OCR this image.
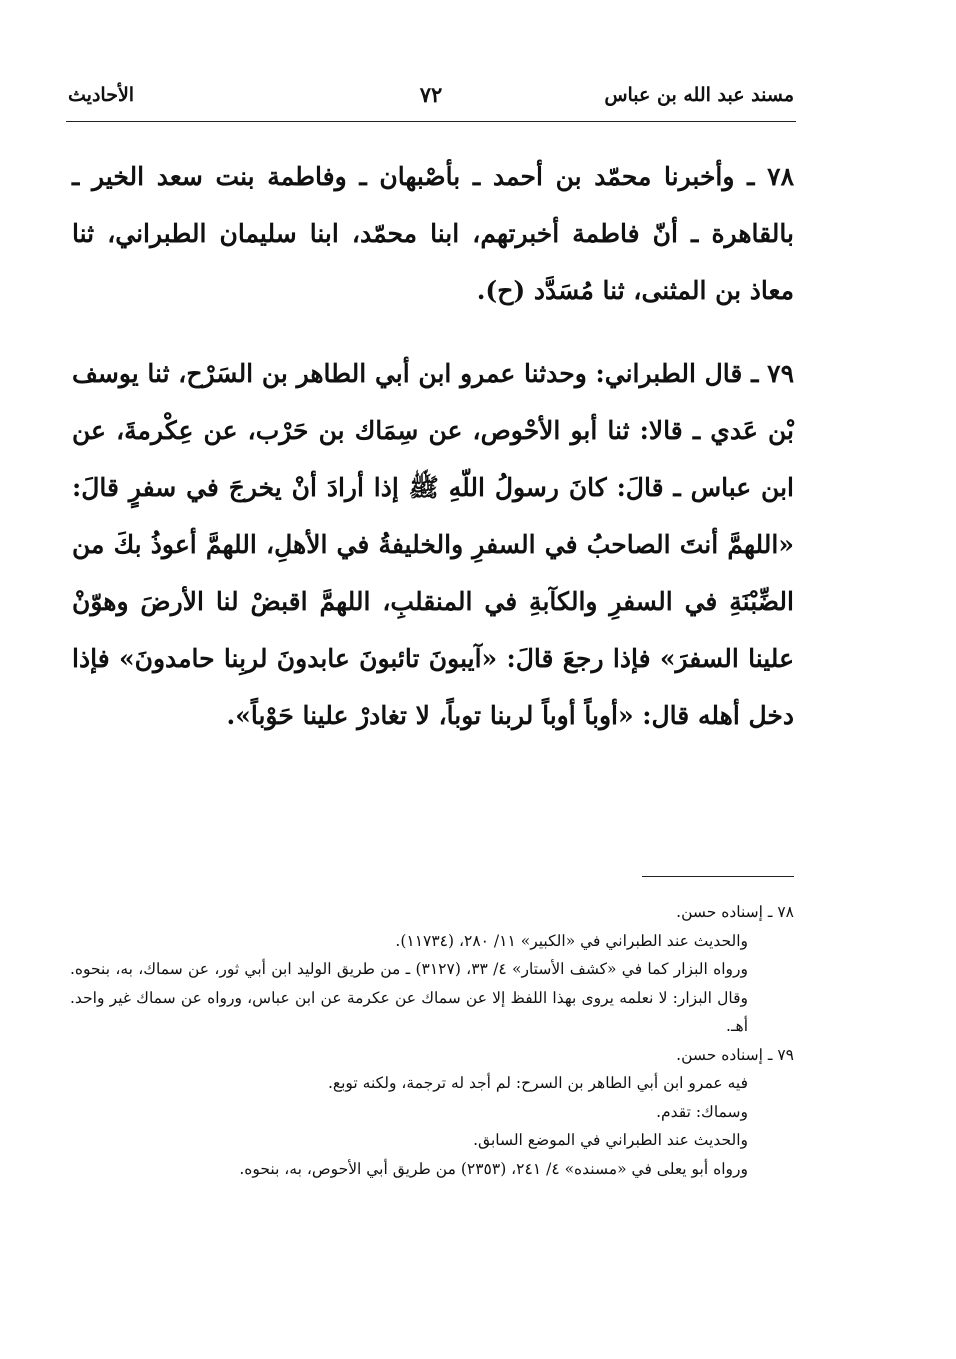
مسند عبد الله بن عباس
٧٢
الأحاديث

٧٨ ـ وأخبرنا محمّد بن أحمد ـ بأصْبهان ـ وفاطمة بنت سعد الخير ـ بالقاهرة ـ أنّ فاطمة أخبرتهم، ابنا محمّد، ابنا سليمان الطبراني، ثنا معاذ بن المثنى، ثنا مُسَدَّد (ح).

٧٩ ـ قال الطبراني: وحدثنا عمرو ابن أبي الطاهر بن السَرْح، ثنا يوسف بْن عَدي ـ قالا: ثنا أبو الأحْوص، عن سِمَاك بن حَرْب، عن عِكْرمةَ، عن ابن عباس ـ قالَ: كانَ رسولُ اللّهِ ﷺ إذا أرادَ أنْ يخرجَ في سفرٍ قالَ: «اللهمَّ أنتَ الصاحبُ في السفرِ والخليفةُ في الأهلِ، اللهمَّ أعوذُ بكَ من الضِّبْنَةِ في السفرِ والكآبةِ في المنقلبِ، اللهمَّ اقبضْ لنا الأرضَ وهوّنْ علينا السفرَ» فإذا رجعَ قالَ: «آيبونَ تائبونَ عابدونَ لربِنا حامدونَ» فإذا دخل أهله قال: «أوباً أوباً لربنا توباً، لا تغادرْ علينا حَوْباً».

٧٨ ـ إسناده حسن.

والحديث عند الطبراني في «الكبير» ١١/ ٢٨٠، (١١٧٣٤).

ورواه البزار كما في «كشف الأستار» ٤/ ٣٣، (٣١٢٧) ـ من طريق الوليد ابن أبي ثور، عن سماك، به، بنحوه. وقال البزار: لا نعلمه يروى بهذا اللفظ إلا عن سماك عن عكرمة عن ابن عباس، ورواه عن سماك غير واحد. أهـ.

٧٩ ـ إسناده حسن.

فيه عمرو ابن أبي الطاهر بن السرح: لم أجد له ترجمة، ولكنه توبع.

وسماك: تقدم.

والحديث عند الطبراني في الموضع السابق.

ورواه أبو يعلى في «مسنده» ٤/ ٢٤١، (٢٣٥٣) من طريق أبي الأحوص، به، بنحوه.
